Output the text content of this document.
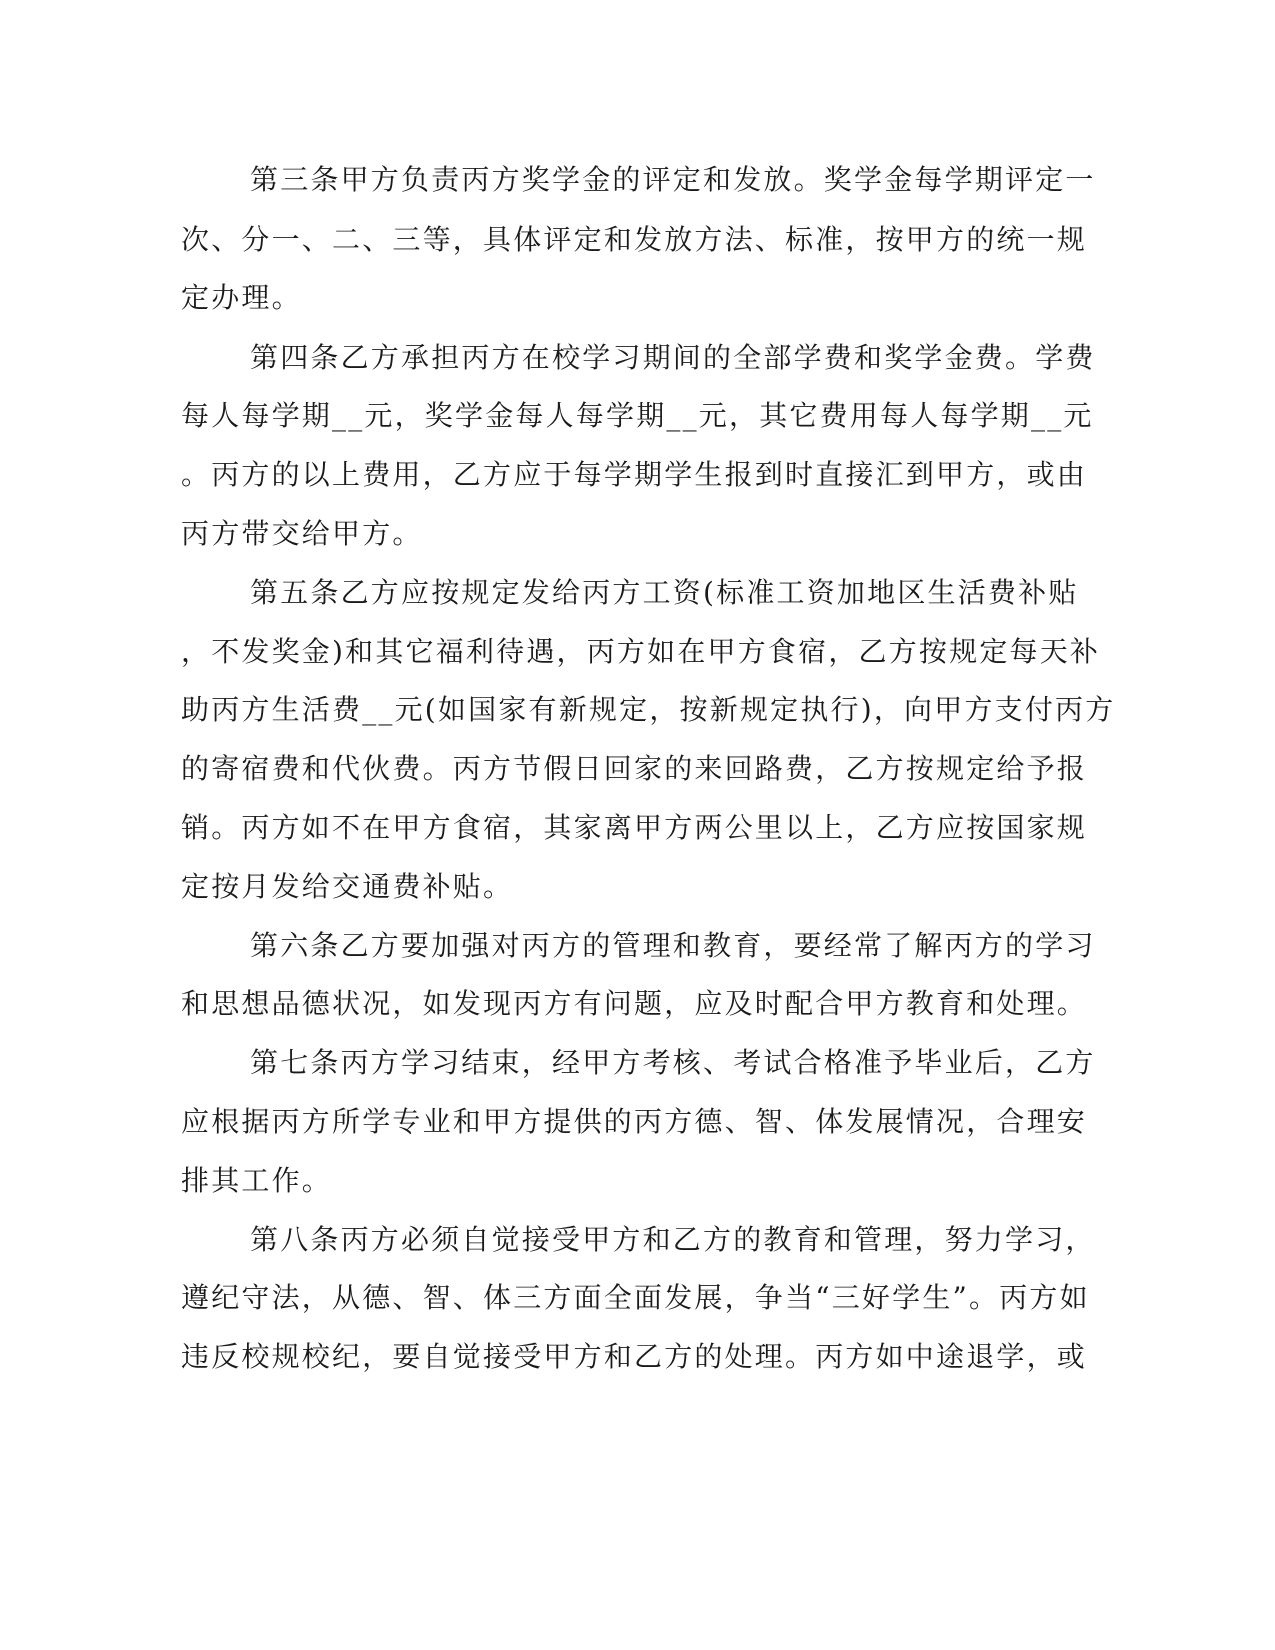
第三条甲方负责丙方奖学金的评定和发放。奖学金每学期评定一
次、分一、二、三等，具体评定和发放方法、标准，按甲方的统一规
定办理。
第四条乙方承担丙方在校学习期间的全部学费和奖学金费。学费
每人每学期__元，奖学金每人每学期__元，其它费用每人每学期__元
。丙方的以上费用，乙方应于每学期学生报到时直接汇到甲方，或由
丙方带交给甲方。
第五条乙方应按规定发给丙方工资(标准工资加地区生活费补贴
，不发奖金)和其它福利待遇，丙方如在甲方食宿，乙方按规定每天补
助丙方生活费__元(如国家有新规定，按新规定执行)，向甲方支付丙方
的寄宿费和代伙费。丙方节假日回家的来回路费，乙方按规定给予报
销。丙方如不在甲方食宿，其家离甲方两公里以上，乙方应按国家规
定按月发给交通费补贴。
第六条乙方要加强对丙方的管理和教育，要经常了解丙方的学习
和思想品德状况，如发现丙方有问题，应及时配合甲方教育和处理。
第七条丙方学习结束，经甲方考核、考试合格准予毕业后，乙方
应根据丙方所学专业和甲方提供的丙方德、智、体发展情况，合理安
排其工作。
第八条丙方必须自觉接受甲方和乙方的教育和管理，努力学习，
遵纪守法，从德、智、体三方面全面发展，争当“三好学生”。丙方如
违反校规校纪，要自觉接受甲方和乙方的处理。丙方如中途退学，或
